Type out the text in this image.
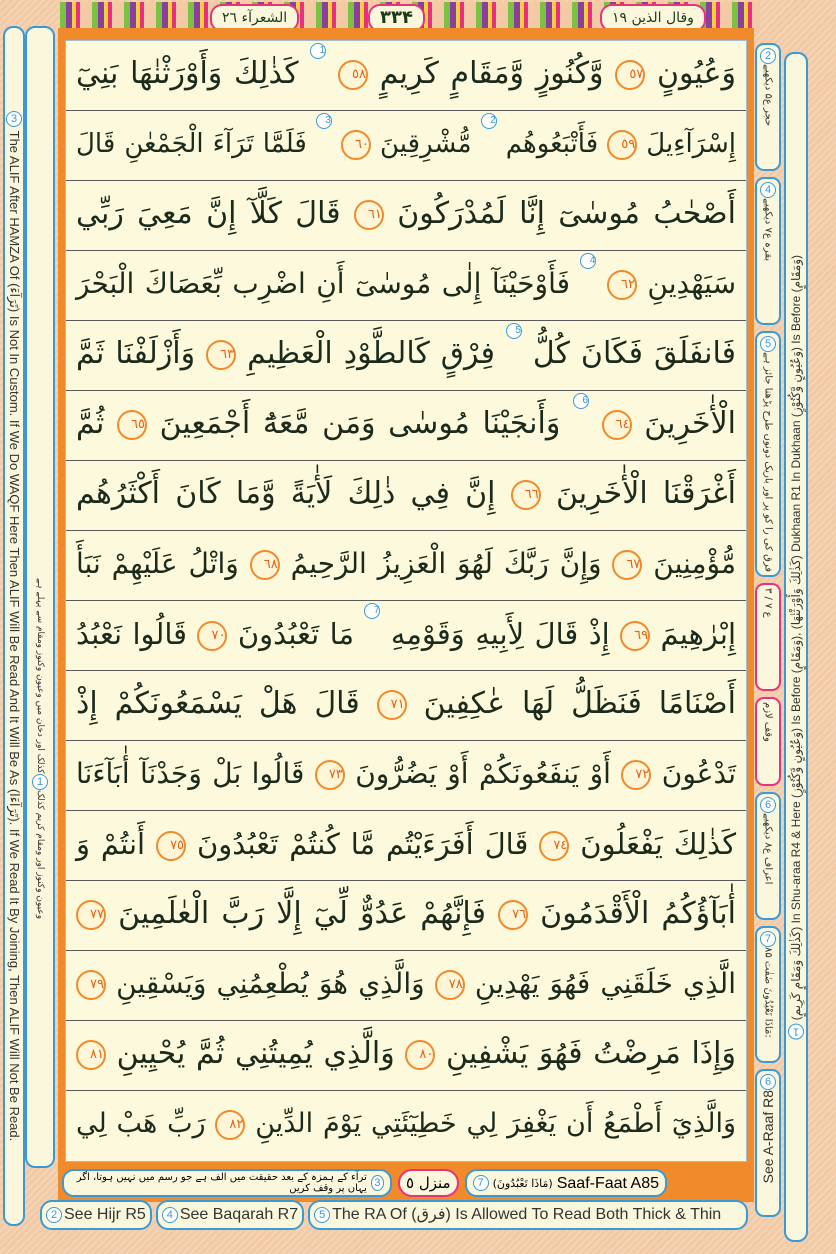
الشعرآء ٢٦	۳۳۴	وقال الذين ١٩
3 The ALIF After HAMZA Of (تَرَآءَ) Is Not In Custom. If We Do WAQF Here Then ALIF Will Be Read And It Will Be As (تَرَآءَا). If We Read It By Joining, Then ALIF Will Not Be Read.
کذلک اور دخان میں وعیون وکنوز ومقام سے پہلے ہے
1
وعیون وکنوز اور ومقام کریم کذلک
وَعُيُونٍ ٥٧ وَّكُنُوزٍ وَّمَقَامٍ كَرِيمٍ ٥٨ 1 كَذٰلِكَ وَأَوْرَثْنٰهَا بَنِيٓ
إِسْرَآءِيلَ ٥٩ فَأَتْبَعُوهُم 2 مُّشْرِقِينَ ٦٠ 3 فَلَمَّا تَرَآءَ الْجَمْعٰنِ قَالَ
أَصْحٰبُ مُوسٰىٓ إِنَّا لَمُدْرَكُونَ ٦١ قَالَ كَلَّآ إِنَّ مَعِيَ رَبِّي
سَيَهْدِينِ ٦٢ 4 فَأَوْحَيْنَآ إِلٰى مُوسٰىٓ أَنِ اضْرِب بِّعَصَاكَ الْبَحْرَ
فَانفَلَقَ فَكَانَ كُلُّ 5 فِرْقٍ كَالطَّوْدِ الْعَظِيمِ ٦٣ وَأَزْلَفْنَا ثَمَّ
الْأٰخَرِينَ ٦٤ 6 وَأَنجَيْنَا مُوسٰى وَمَن مَّعَهُٓ أَجْمَعِينَ ٦٥ ثُمَّ
أَغْرَقْنَا الْأٰخَرِينَ ٦٦ إِنَّ فِي ذٰلِكَ لَأٰيَةً وَّمَا كَانَ أَكْثَرُهُم
مُّؤْمِنِينَ ٦٧ وَإِنَّ رَبَّكَ لَهُوَ الْعَزِيزُ الرَّحِيمُ ٦٨ وَاتْلُ عَلَيْهِمْ نَبَأَ
إِبْرٰهِيمَ ٦٩ إِذْ قَالَ لِأَبِيهِ وَقَوْمِهِ 7 مَا تَعْبُدُونَ ٧٠ قَالُوا نَعْبُدُ
أَصْنَامًا فَنَظَلُّ لَهَا عٰكِفِينَ ٧١ قَالَ هَلْ يَسْمَعُونَكُمْ إِذْ
تَدْعُونَ ٧٢ أَوْ يَنفَعُونَكُمْ أَوْ يَضُرُّونَ ٧٣ قَالُوا بَلْ وَجَدْنَآ أٰبَآءَنَا
كَذٰلِكَ يَفْعَلُونَ ٧٤ قَالَ أَفَرَءَيْتُم مَّا كُنتُمْ تَعْبُدُونَ ٧٥ أَنتُمْ وَ
أٰبَآؤُكُمُ الْأَقْدَمُونَ ٧٦ فَإِنَّهُمْ عَدُوٌّ لِّيٓ إِلَّا رَبَّ الْعٰلَمِينَ ٧٧
الَّذِي خَلَقَنِي فَهُوَ يَهْدِينِ ٧٨ وَالَّذِي هُوَ يُطْعِمُنِي وَيَسْقِينِ ٧٩
وَإِذَا مَرِضْتُ فَهُوَ يَشْفِينِ ٨٠ وَالَّذِي يُمِيتُنِي ثُمَّ يُحْيِينِ ٨١
وَالَّذِيٓ أَطْمَعُ أَن يَغْفِرَ لِي خَطِيٓئَتِي يَوْمَ الدِّينِ ٨٢ رَبِّ هَبْ لِي
2
حجر ع۵ دیکھیے
4
بقرہ ع۷ دیکھیے
5
فرق کی را کو پر اور باریک دونوں طرح پڑھنا جائز ہے
ع ٧ / ٣
وقف لازم
6
اعراف ع۸ دیکھیے
7
مَاذَا تَعْبُدُونَ صٰفٰت ۸۵:
6
See A-Raaf R8
1 (كَذٰلِكَ وَمَقَامٍ كَرِيمٍ) In Shu-araa R4 & Here (وَعُيُونٍ وَّكُنُوْزٍ) Is Before (وَمَقَامٍ), (كَذٰلِكَ وَأَوْرَثْنٰهَا) Dukhaan R1 In Dukhaan (وَعُيُونٍ وَّكُنُوْزٍ) Is Before (وَمَقَامٍ)
3
ترآء کے ہمزہ کے بعد حقیقت میں الف ہے جو رسم میں نہیں ہوتا، اگر یہاں پر وقف کریں	منزل ٥	7 (مَاذَا تَعْبُدُونَ) Saaf-Faat A85
2 See Hijr R5	4 See Baqarah R7	5 The RA Of (فرق) Is Allowed To Read Both Thick & Thin
